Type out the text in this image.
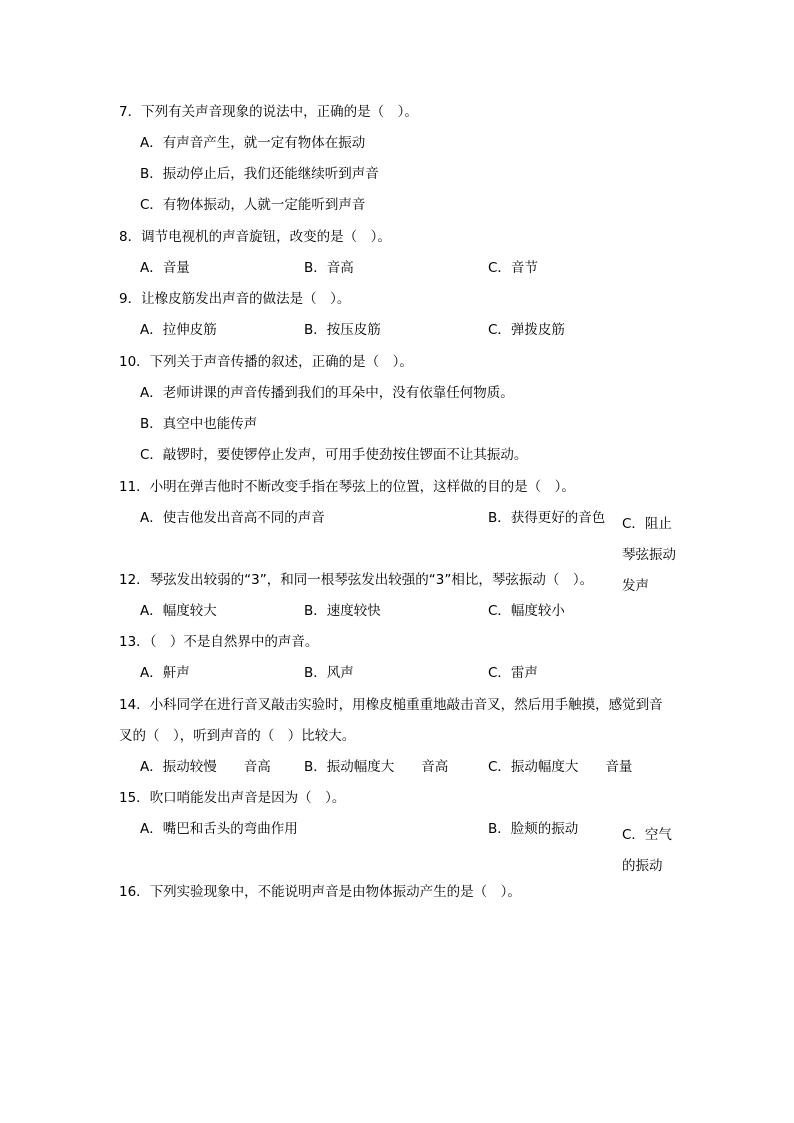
7．下列有关声音现象的说法中，正确的是（　）。
A．有声音产生，就一定有物体在振动
B．振动停止后，我们还能继续听到声音
C．有物体振动，人就一定能听到声音
8．调节电视机的声音旋钮，改变的是（　）。
A．音量	B．音高	C．音节
9．让橡皮筋发出声音的做法是（　）。
A．拉伸皮筋	B．按压皮筋	C．弹拨皮筋
10．下列关于声音传播的叙述，正确的是（　）。
A．老师讲课的声音传播到我们的耳朵中，没有依靠任何物质。
B．真空中也能传声
C．敲锣时，要使锣停止发声，可用手使劲按住锣面不让其振动。
11．小明在弹吉他时不断改变手指在琴弦上的位置，这样做的目的是（　）。
A．使吉他发出音高不同的声音	B．获得更好的音色 C．阻止琴弦振动发声
12．琴弦发出较弱的“3”，和同一根琴弦发出较强的“3”相比，琴弦振动（　）。
A．幅度较大	B．速度较快	C．幅度较小
13．（　）不是自然界中的声音。
A．鼾声	B．风声	C．雷声
14．小科同学在进行音叉敲击实验时，用橡皮槌重重地敲击音叉，然后用手触摸，感觉到音
叉的（　），听到声音的（　）比较大。
A．振动较慢　　音高 B．振动幅度大　　音高	C．振动幅度大　　音量
15．吹口哨能发出声音是因为（　）。
A．嘴巴和舌头的弯曲作用	B．脸颊的振动	C．空气的振动
16．下列实验现象中，不能说明声音是由物体振动产生的是（　）。
